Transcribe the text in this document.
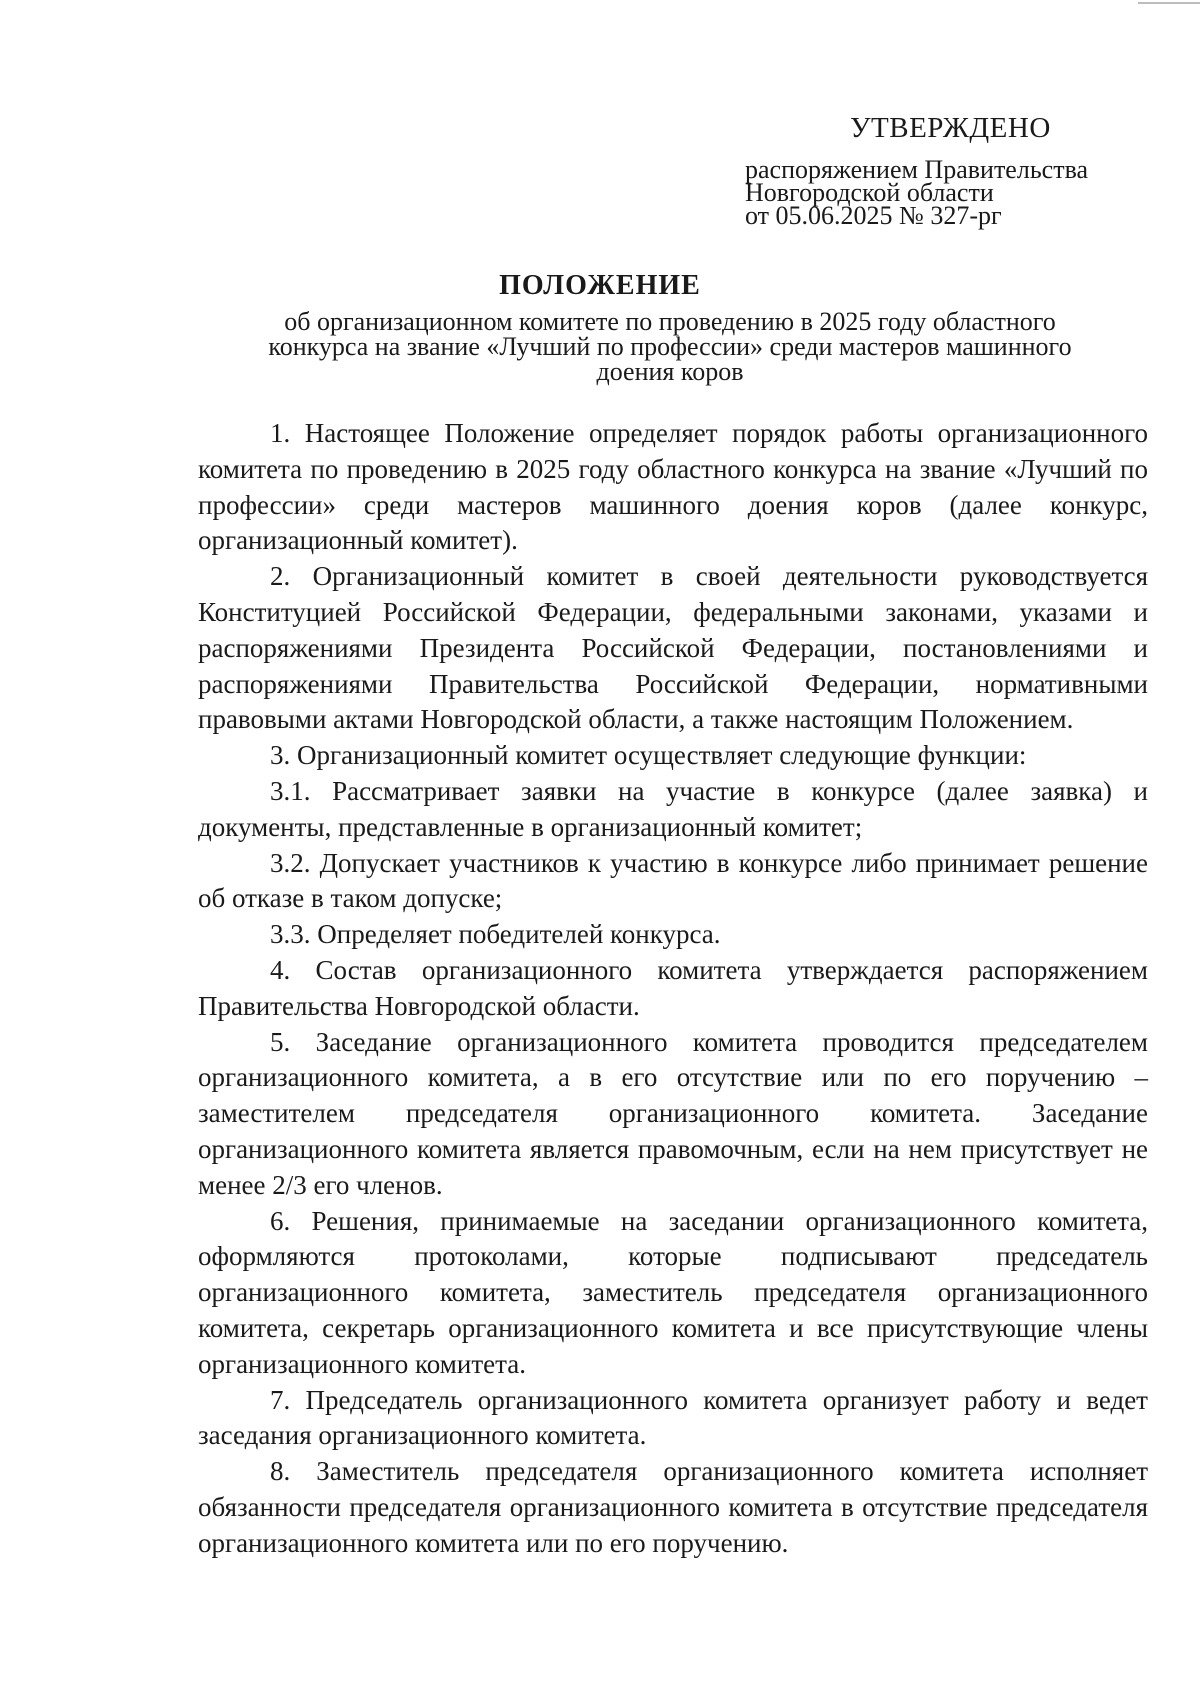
УТВЕРЖДЕНО
распоряжением Правительства
Новгородской области
от 05.06.2025 № 327-рг
ПОЛОЖЕНИЕ
об организационном комитете по проведению в 2025 году областного
конкурса на звание «Лучший по профессии» среди мастеров машинного
доения коров

1. Настоящее Положение определяет порядок работы организационного комитета по проведению в 2025 году областного конкурса на звание «Лучший по профессии» среди мастеров машинного доения коров (далее конкурс, организационный комитет).

2. Организационный комитет в своей деятельности руководствуется Конституцией Российской Федерации, федеральными законами, указами и распоряжениями Президента Российской Федерации, постановлениями и распоряжениями Правительства Российской Федерации, нормативными правовыми актами Новгородской области, а также настоящим Положением.

3. Организационный комитет осуществляет следующие функции:

3.1. Рассматривает заявки на участие в конкурсе (далее заявка) и документы, представленные в организационный комитет;

3.2. Допускает участников к участию в конкурсе либо принимает решение об отказе в таком допуске;

3.3. Определяет победителей конкурса.

4. Состав организационного комитета утверждается распоряжением Правительства Новгородской области.

5. Заседание организационного комитета проводится председателем организационного комитета, а в его отсутствие или по его поручению – заместителем председателя организационного комитета. Заседание организационного комитета является правомочным, если на нем присутствует не менее 2/3 его членов.

6. Решения, принимаемые на заседании организационного комитета, оформляются протоколами, которые подписывают председатель организационного комитета, заместитель председателя организационного комитета, секретарь организационного комитета и все присутствующие члены организационного комитета.

7. Председатель организационного комитета организует работу и ведет заседания организационного комитета.

8. Заместитель председателя организационного комитета исполняет обязанности председателя организационного комитета в отсутствие председателя организационного комитета или по его поручению.
